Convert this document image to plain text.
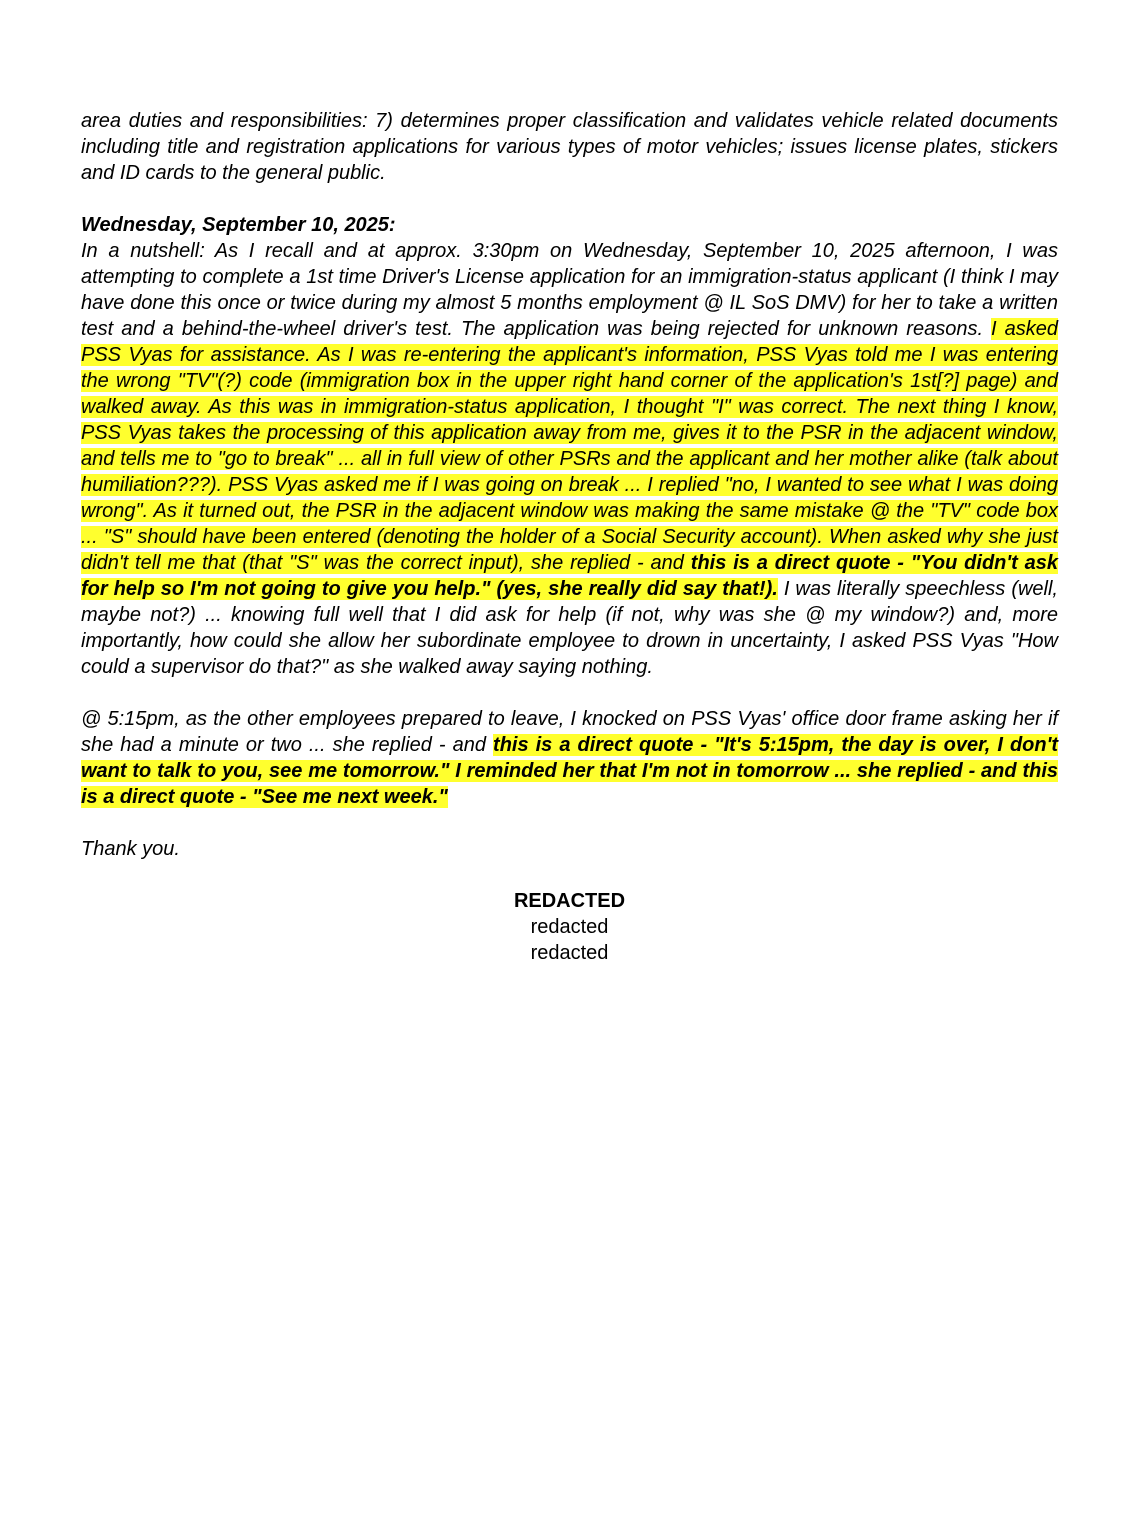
area duties and responsibilities: 7) determines proper classification and validates vehicle related documents including title and registration applications for various types of motor vehicles; issues license plates, stickers and ID cards to the general public.

Wednesday, September 10, 2025:

In a nutshell: As I recall and at approx. 3:30pm on Wednesday, September 10, 2025 afternoon, I was attempting to complete a 1st time Driver's License application for an immigration-status applicant (I think I may have done this once or twice during my almost 5 months employment @ IL SoS DMV) for her to take a written test and a behind-the-wheel driver's test. The application was being rejected for unknown reasons. I asked PSS Vyas for assistance. As I was re-entering the applicant's information, PSS Vyas told me I was entering the wrong "TV"(?) code (immigration box in the upper right hand corner of the application's 1st[?] page) and walked away. As this was in immigration-status application, I thought "I" was correct. The next thing I know, PSS Vyas takes the processing of this application away from me, gives it to the PSR in the adjacent window, and tells me to "go to break" ... all in full view of other PSRs and the applicant and her mother alike (talk about humiliation???). PSS Vyas asked me if I was going on break ... I replied "no, I wanted to see what I was doing wrong". As it turned out, the PSR in the adjacent window was making the same mistake @ the "TV" code box ... "S" should have been entered (denoting the holder of a Social Security account). When asked why she just didn't tell me that (that "S" was the correct input), she replied - and this is a direct quote - "You didn't ask for help so I'm not going to give you help." (yes, she really did say that!). I was literally speechless (well, maybe not?) ... knowing full well that I did ask for help (if not, why was she @ my window?) and, more importantly, how could she allow her subordinate employee to drown in uncertainty, I asked PSS Vyas "How could a supervisor do that?" as she walked away saying nothing.

@ 5:15pm, as the other employees prepared to leave, I knocked on PSS Vyas' office door frame asking her if she had a minute or two ... she replied - and this is a direct quote - "It's 5:15pm, the day is over, I don't want to talk to you, see me tomorrow." I reminded her that I'm not in tomorrow ... she replied - and this is a direct quote - "See me next week."

Thank you.

REDACTED

redacted

redacted
